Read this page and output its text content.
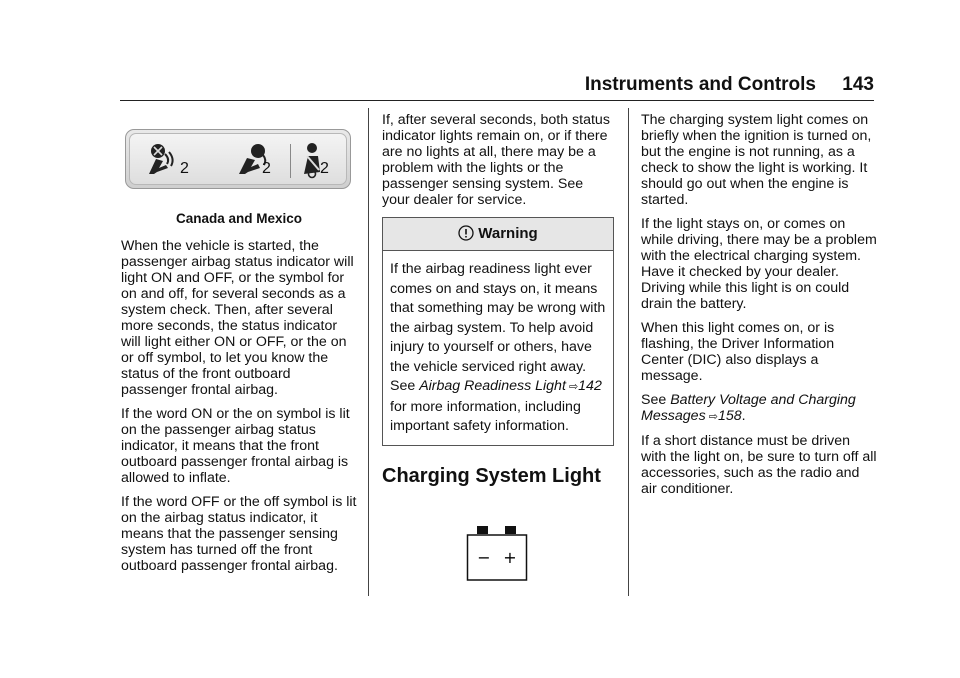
Instruments and Controls 143
2	2	2
Canada and Mexico

When the vehicle is started, the passenger airbag status indicator will light ON and OFF, or the symbol for on and off, for several seconds as a system check. Then, after several more seconds, the status indicator will light either ON or OFF, or the on or off symbol, to let you know the status of the front outboard passenger frontal airbag.

If the word ON or the on symbol is lit on the passenger airbag status indicator, it means that the front outboard passenger frontal airbag is allowed to inflate.

If the word OFF or the off symbol is lit on the airbag status indicator, it means that the passenger sensing system has turned off the front outboard passenger frontal airbag.

If, after several seconds, both status indicator lights remain on, or if there are no lights at all, there may be a problem with the lights or the passenger sensing system. See your dealer for service.

Warning
If the airbag readiness light ever comes on and stays on, it means that something may be wrong with the airbag system. To help avoid injury to yourself or others, have the vehicle serviced right away. See Airbag Readiness Light ⇨142 for more information, including important safety information.
Charging System Light
− +

The charging system light comes on briefly when the ignition is turned on, but the engine is not running, as a check to show the light is working. It should go out when the engine is started.

If the light stays on, or comes on while driving, there may be a problem with the electrical charging system. Have it checked by your dealer. Driving while this light is on could drain the battery.

When this light comes on, or is flashing, the Driver Information Center (DIC) also displays a message.

See Battery Voltage and Charging Messages ⇨158.

If a short distance must be driven with the light on, be sure to turn off all accessories, such as the radio and air conditioner.
